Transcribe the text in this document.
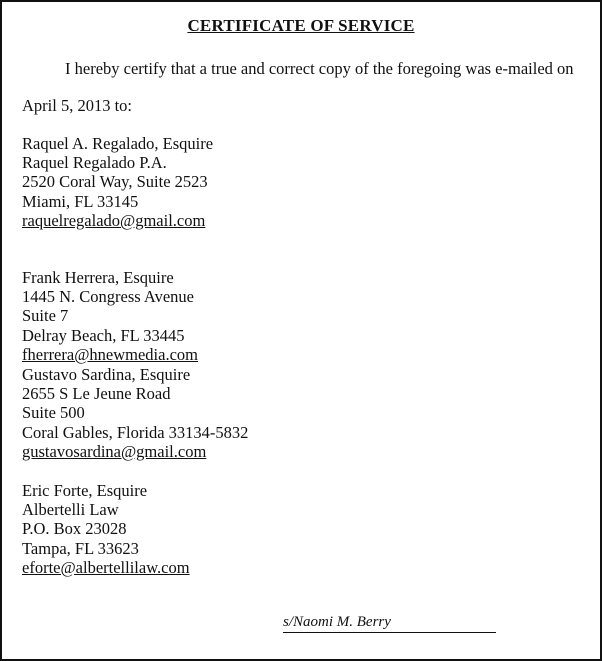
CERTIFICATE OF SERVICE
I hereby certify that a true and correct copy of the foregoing was e-mailed on
April 5, 2013 to:
Raquel A. Regalado, Esquire
Raquel Regalado P.A.
2520 Coral Way, Suite 2523
Miami, FL 33145
raquelregalado@gmail.com
Frank Herrera, Esquire
1445 N. Congress Avenue
Suite 7
Delray Beach, FL 33445
fherrera@hnewmedia.com
Gustavo Sardina, Esquire
2655 S Le Jeune Road
Suite 500
Coral Gables, Florida 33134-5832
gustavosardina@gmail.com
Eric Forte, Esquire
Albertelli Law
P.O. Box 23028
Tampa, FL 33623
eforte@albertellilaw.com
s/Naomi M. Berry
